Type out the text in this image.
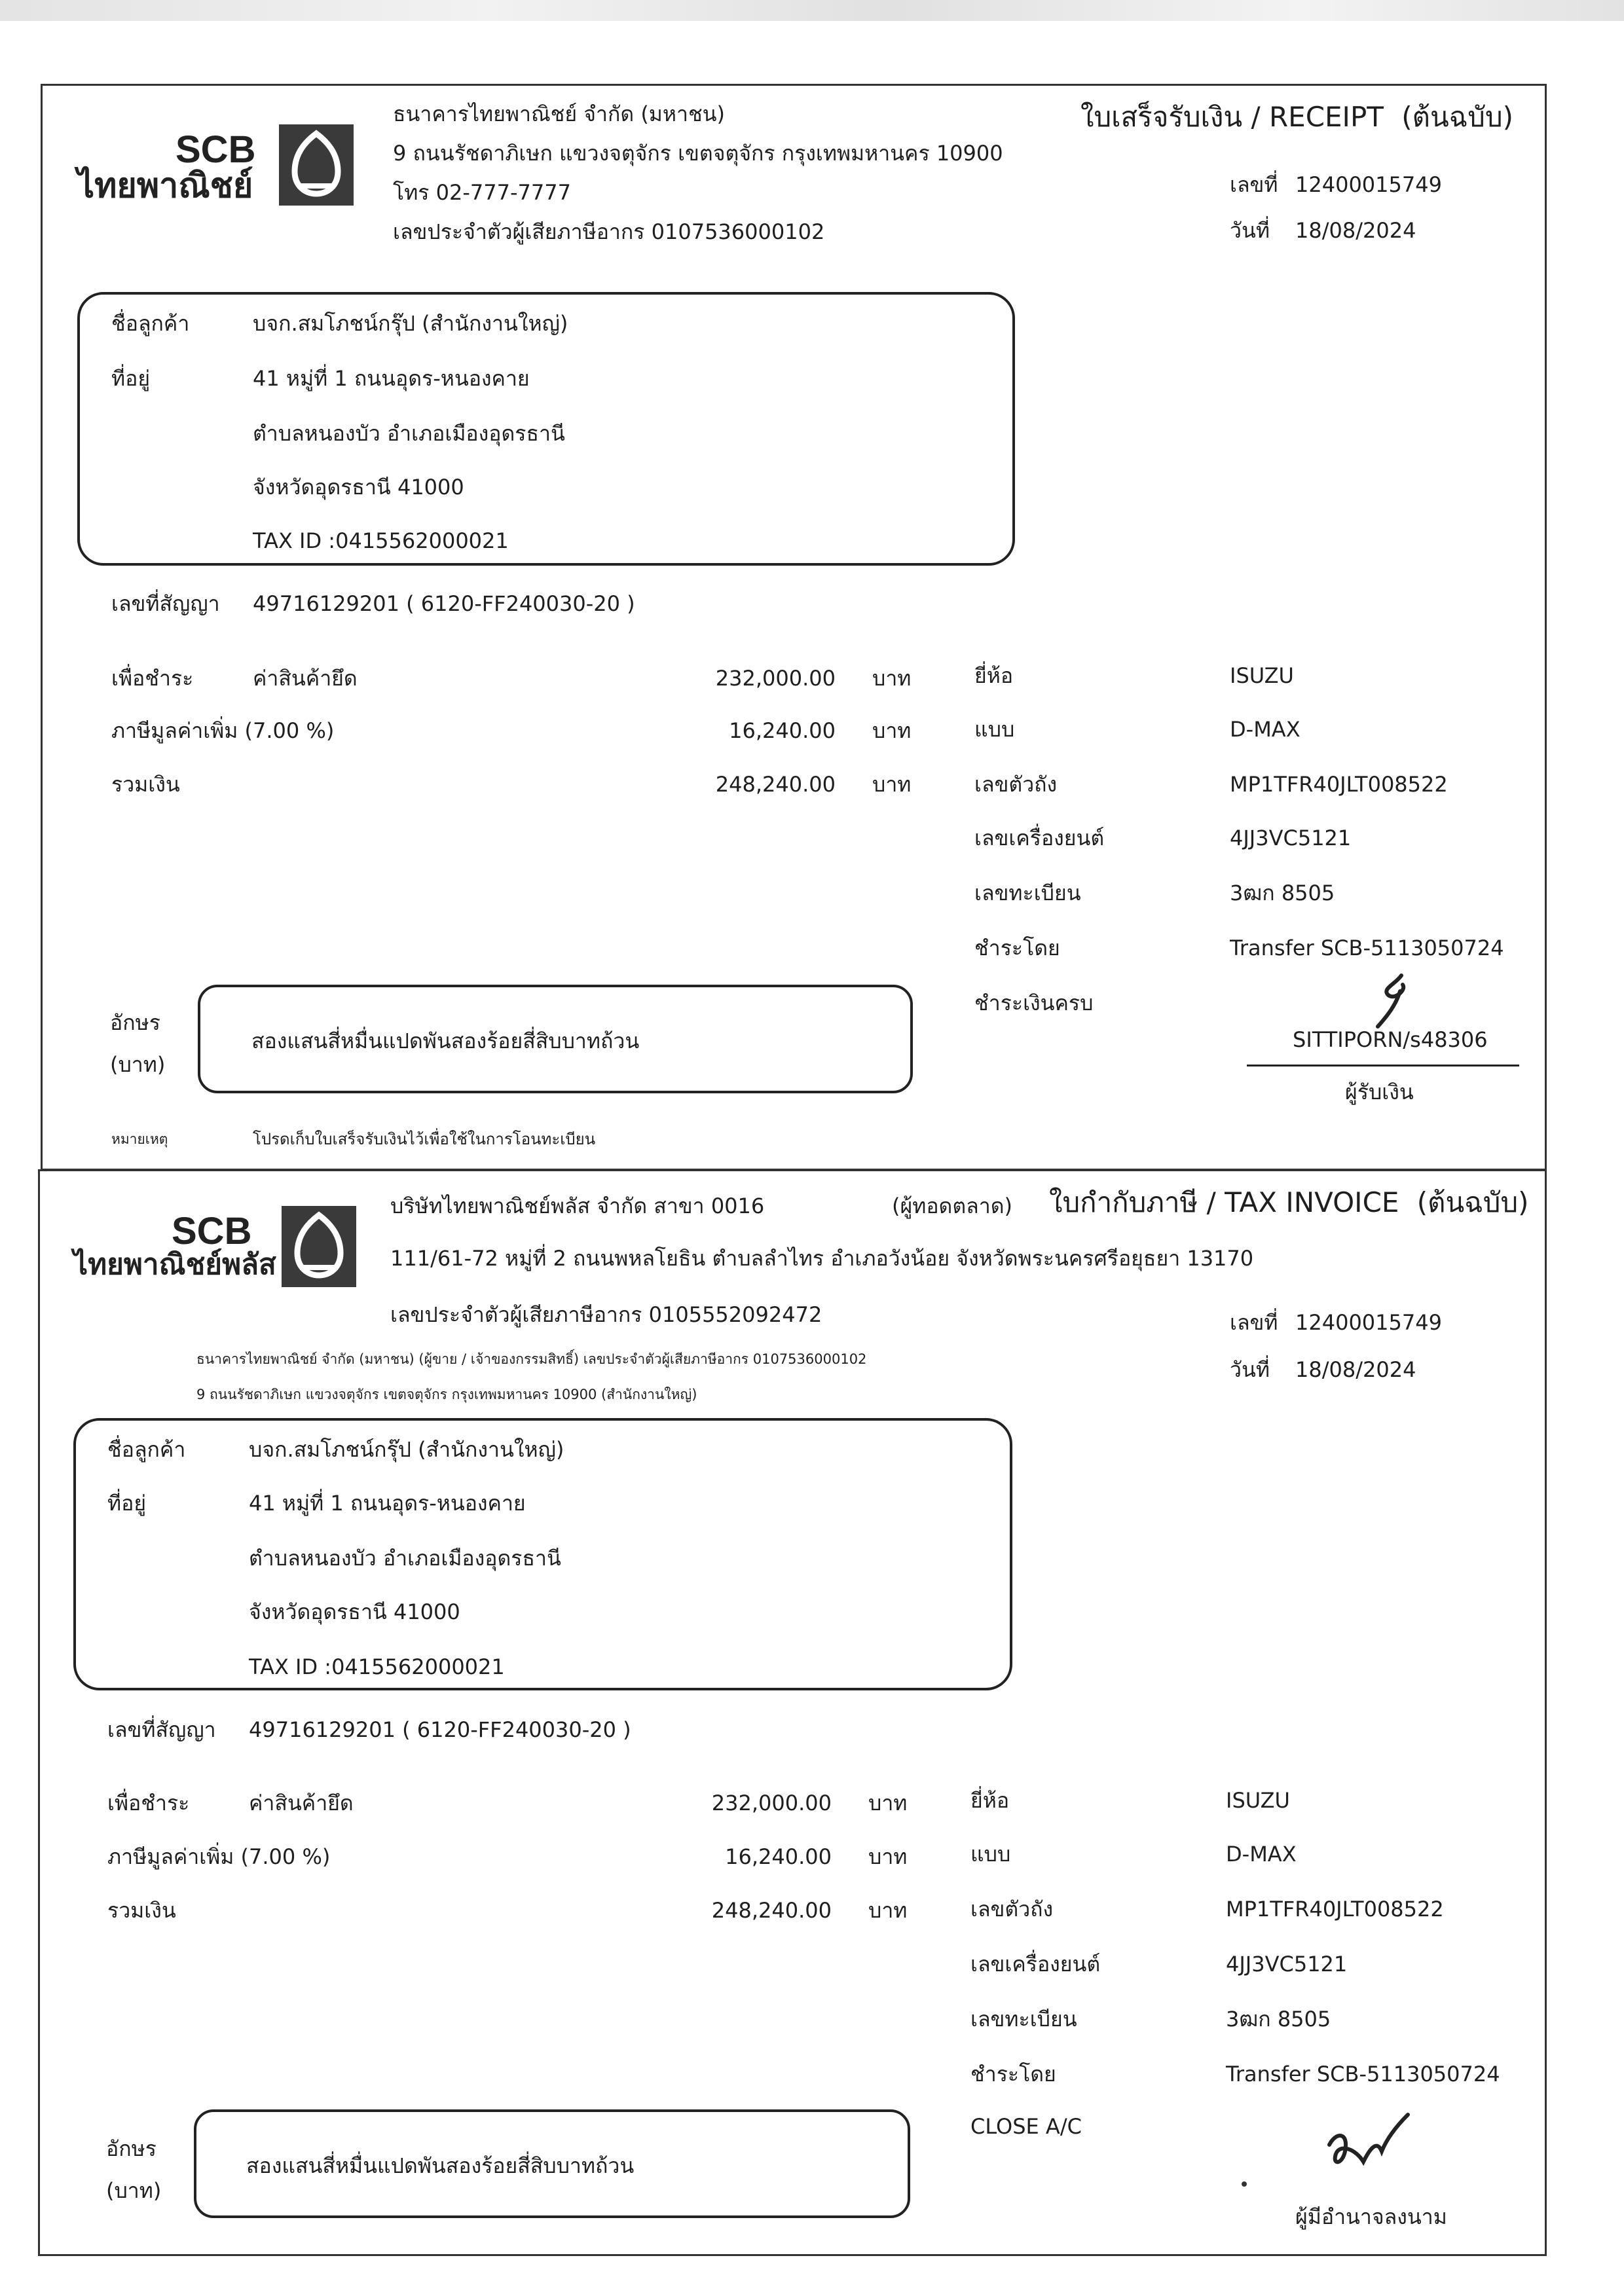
SCB
ไทยพาณิชย์
ธนาคารไทยพาณิชย์ จำกัด (มหาชน)
9 ถนนรัชดาภิเษก แขวงจตุจักร เขตจตุจักร กรุงเทพมหานคร 10900
โทร 02-777-7777
เลขประจำตัวผู้เสียภาษีอากร 0107536000102
ใบเสร็จรับเงิน / RECEIPT (ต้นฉบับ)
เลขที่ 12400015749
วันที่ 18/08/2024
ชื่อลูกค้า	บจก.สมโภชน์กรุ๊ป (สำนักงานใหญ่)
ที่อยู่	41 หมู่ที่ 1 ถนนอุดร-หนองคาย
ตำบลหนองบัว อำเภอเมืองอุดรธานี
จังหวัดอุดรธานี 41000
TAX ID :0415562000021
เลขที่สัญญา 49716129201 ( 6120-FF240030-20 )
เพื่อชำระ	ค่าสินค้ายึด	232,000.00 บาท
ภาษีมูลค่าเพิ่ม (7.00 %)	16,240.00 บาท
รวมเงิน	248,240.00 บาท
ยี่ห้อ	ISUZU
แบบ	D-MAX
เลขตัวถัง	MP1TFR40JLT008522
เลขเครื่องยนต์	4JJ3VC5121
เลขทะเบียน	3ฒก 8505
ชำระโดย	Transfer SCB-5113050724
ชำระเงินครบ
อักษร
(บาท)
สองแสนสี่หมื่นแปดพันสองร้อยสี่สิบบาทถ้วน	SITTIPORN/s48306
ผู้รับเงิน
หมายเหตุ	โปรดเก็บใบเสร็จรับเงินไว้เพื่อใช้ในการโอนทะเบียน
SCB
ไทยพาณิชย์พลัส
บริษัทไทยพาณิชย์พลัส จำกัด สาขา 0016	(ผู้ทอดตลาด) ใบกำกับภาษี / TAX INVOICE (ต้นฉบับ)
111/61-72 หมู่ที่ 2 ถนนพหลโยธิน ตำบลลำไทร อำเภอวังน้อย จังหวัดพระนครศรีอยุธยา 13170
เลขประจำตัวผู้เสียภาษีอากร 0105552092472
ธนาคารไทยพาณิชย์ จำกัด (มหาชน) (ผู้ขาย / เจ้าของกรรมสิทธิ์) เลขประจำตัวผู้เสียภาษีอากร 0107536000102
9 ถนนรัชดาภิเษก แขวงจตุจักร เขตจตุจักร กรุงเทพมหานคร 10900 (สำนักงานใหญ่)
เลขที่ 12400015749
วันที่ 18/08/2024
ชื่อลูกค้า	บจก.สมโภชน์กรุ๊ป (สำนักงานใหญ่)
ที่อยู่	41 หมู่ที่ 1 ถนนอุดร-หนองคาย
ตำบลหนองบัว อำเภอเมืองอุดรธานี
จังหวัดอุดรธานี 41000
TAX ID :0415562000021
เลขที่สัญญา 49716129201 ( 6120-FF240030-20 )
เพื่อชำระ	ค่าสินค้ายึด	232,000.00 บาท
ภาษีมูลค่าเพิ่ม (7.00 %)	16,240.00 บาท
รวมเงิน	248,240.00 บาท
ยี่ห้อ	ISUZU
แบบ	D-MAX
เลขตัวถัง	MP1TFR40JLT008522
เลขเครื่องยนต์	4JJ3VC5121
เลขทะเบียน	3ฒก 8505
ชำระโดย	Transfer SCB-5113050724
CLOSE A/C
อักษร
(บาท)
สองแสนสี่หมื่นแปดพันสองร้อยสี่สิบบาทถ้วน
ผู้มีอำนาจลงนาม
